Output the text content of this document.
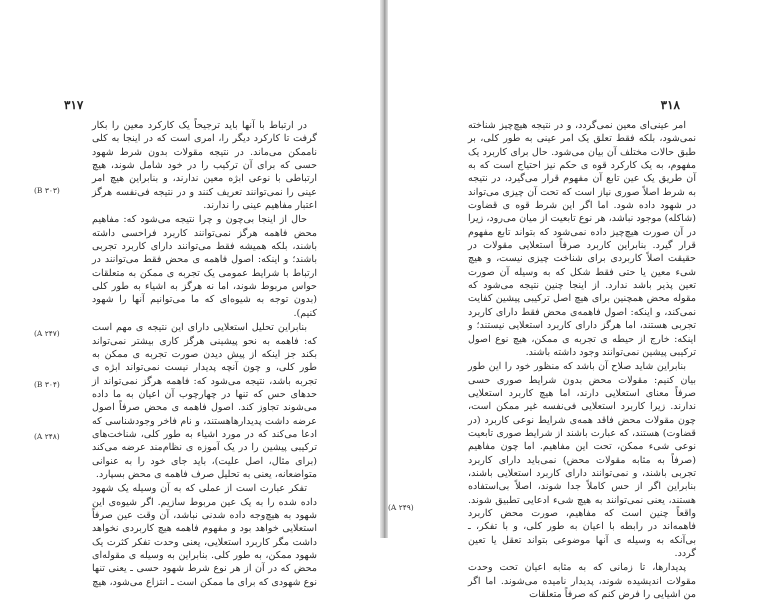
۳۱۷

در ارتباط با آنها باید ترجیحاً یک کارکرد معین را بکار گرفت تا کارکرد دیگر را، امری است که در اینجا به کلی ناممکن می‌ماند. در نتیجه مقولات بدون شرط شهود حسی که برای آن ترکیب را در خود شامل شوند، هیچ ارتباطی با نوعی ابژه معین ندارند، و بنابراین هیچ امر عینی را نمی‌توانند تعریف کنند و در نتیجه فی‌نفسه هرگز اعتبار مفاهیم عینی را ندارند.

حال از اینجا بی‌چون و چرا نتیجه می‌شود که: مفاهیم محض فاهمه هرگز نمی‌توانند کاربرد فراحسی داشته باشند، بلکه همیشه فقط می‌توانند دارای کاربرد تجربی باشند؛ و اینکه: اصول فاهمه ی محض فقط می‌توانند در ارتباط با شرایط عمومی یک تجربه ی ممکن به متعلقات حواس مربوط شوند، اما نه هرگز به اشیاء به طور کلی (بدون توجه به شیوه‌ای که ما می‌توانیم آنها را شهود کنیم).

بنابراین تحلیل استعلایی دارای این نتیجه ی مهم است که: فاهمه به نحو پیشینی هرگز کاری بیشتر نمی‌تواند بکند جز اینکه از پیش دیدن صورت تجربه ی ممکن به طور کلی، و چون آنچه پدیدار نیست نمی‌تواند ابژه ی تجربه باشد، نتیجه می‌شود که: فاهمه هرگز نمی‌تواند از حدهای حس که تنها در چهارچوب آن اعیان به ما داده می‌شوند تجاوز کند. اصول فاهمه ی محض صرفاً اصول عرضه داشت پدیدارها‌هستند، و نام فاخر وجودشناسی که ادعا می‌کند که در مورد اشیاء به طور کلی، شناخت‌های ترکیبی پیشین را در یک آموزه ی نظام‌مند عرضه می‌کند (برای مثال، اصل علیت)، باید جای خود را به عنوانی متواضعانه، یعنی به تحلیل صرف فاهمه ی محض بسپارد.

تفکر عبارت است از عملی که به آن وسیله یک شهود داده شده را به یک عین مربوط سازیم. اگر شیوه‌ی این شهود به هیچ‌وجه داده شدنی نباشد، آن وقت عین صرفاً استعلایی خواهد بود و مفهوم فاهمه هیچ کاربردی نخواهد داشت مگر کاربرد استعلایی، یعنی وحدت تفکر کثرت یک شهود ممکن، به طور کلی. بنابراین به وسیله ی مقوله‌ای محض که در آن از هر نوع شرط شهود حسی ـ یعنی تنها نوع شهودی که برای ما ممکن است ـ انتزاع می‌شود، هیچ

(B ۳۰۳)
(A ۲۴۷)
(B ۳۰۴)
(A ۲۴۸)
۳۱۸

امر عینی‌ای معین نمی‌گردد، و در نتیجه هیچ‌چیز شناخته نمی‌شود، بلکه فقط تعلق یک امر عینی به طور کلی، بر طبق حالات مختلف آن بیان می‌شود. حال برای کاربرد یک مفهوم، به یک کارکرد قوه ی حکم نیز احتیاج است که به آن طریق یک عین تابع آن مفهوم قرار می‌گیرد، در نتیجه به شرط اصلاً صوری نیاز است که تحت آن چیزی می‌تواند در شهود داده شود. اما اگر این شرط قوه ی قضاوت (شاکله) موجود نباشد، هر نوع تابعیت از میان می‌رود، زیرا در آن صورت هیچ‌چیز داده نمی‌شود که بتواند تابع مفهوم قرار گیرد. بنابراین کاربرد صرفاً استعلایی مقولات در حقیقت اصلاً کاربردی برای شناخت چیزی نیست، و هیچ شیء معین یا حتی فقط شکل که به وسیله آن صورت تعین پذیر باشد ندارد. از اینجا چنین نتیجه می‌شود که مقوله محض همچنین برای هیچ اصل ترکیبی پیشین کفایت نمی‌کند، و اینکه: اصول فاهمه‌ی محض فقط دارای کاربرد تجربی هستند، اما هرگز دارای کاربرد استعلایی نیستند؛ و اینکه: خارج از حیطه ی تجربه ی ممکن، هیچ نوع اصول ترکیبی پیشین نمی‌توانند وجود داشته باشند.

بنابراین شاید صلاح آن باشد که منظور خود را این طور بیان کنیم: مقولات محض بدون شرایط صوری حسی صرفاً معنای استعلایی دارند، اما هیچ کاربرد استعلایی ندارند. زیرا کاربرد استعلایی فی‌نفسه غیر ممکن است، چون مقولات محض فاقد همه‌ی شرایط نوعی کاربرد (در قضاوت) هستند، که عبارت باشند از شرایط صوری تابعیت نوعی شیء ممکن، تحت این مفاهیم. اما چون مفاهیم (صرفاً به مثابه مقولات محض) نمی‌باید دارای کاربرد تجربی باشند، و نمی‌توانند دارای کاربرد استعلایی باشند، بنابراین اگر از حس کاملاً جدا شوند، اصلاً بی‌استفاده هستند، یعنی نمی‌توانند به هیچ شیء ادعایی تطبیق شوند. واقعاً چنین است که مفاهیم، صورت محض کاربرد فاهمه‌اند در رابطه با اعیان به طور کلی، و با تفکر، ـ بی‌آنکه به وسیله ی آنها موضوعی بتواند تعقل یا تعین گردد.

پدیدارها، تا زمانی که به مثابه اعیان تحت وحدت مقولات اندیشیده شوند، پدیدار نامیده می‌شوند. اما اگر من اشیایی را فرض کنم که صرفاً متعلقات

(A ۲۴۹)
